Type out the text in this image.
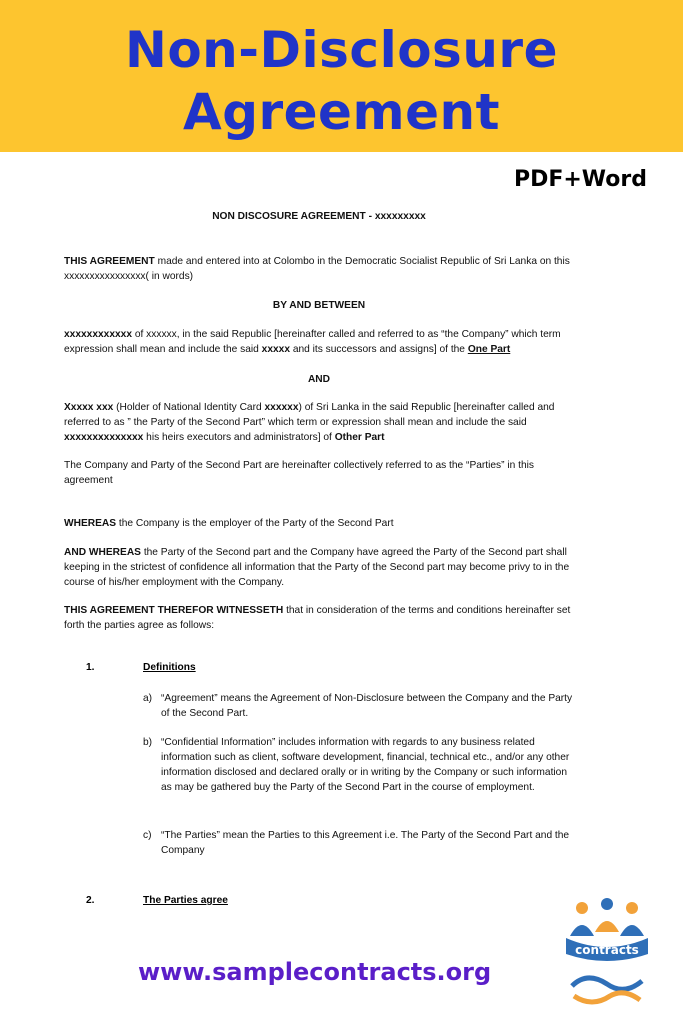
Non-Disclosure
Agreement
PDF+Word

NON DISCOSURE AGREEMENT - xxxxxxxxx

THIS AGREEMENT made and entered into at Colombo in the Democratic Socialist Republic of Sri Lanka on this xxxxxxxxxxxxxxxx( in words)

BY AND BETWEEN

xxxxxxxxxxxx of xxxxxx, in the said Republic [hereinafter called and referred to as “the Company” which term expression shall mean and include the said xxxxx and its successors and assigns] of the One Part

AND

Xxxxx xxx (Holder of National Identity Card xxxxxx) of Sri Lanka in the said Republic [hereinafter called and referred to as ” the Party of the Second Part” which term or expression shall mean and include the said xxxxxxxxxxxxxx his heirs executors and administrators] of Other Part

The Company and Party of the Second Part are hereinafter collectively referred to as the “Parties” in this agreement

WHEREAS the Company is the employer of the Party of the Second Part

AND WHEREAS the Party of the Second part and the Company have agreed the Party of the Second part shall keeping in the strictest of confidence all information that the Party of the Second part may become privy to in the course of his/her employment with the Company.

THIS AGREEMENT THEREFOR WITNESSETH that in consideration of the terms and conditions hereinafter set forth the parties agree as follows:

1.	Definitions
a) “Agreement” means the Agreement of Non-Disclosure between the Company and the Party of the Second Part.
b) “Confidential Information” includes information with regards to any business related information such as client, software development, financial, technical etc., and/or any other information disclosed and declared orally or in writing by the Company or such information as may be gathered buy the Party of the Second Part in the course of employment.
c) “The Parties” mean the Parties to this Agreement i.e. The Party of the Second Part and the Company
2.	The Parties agree
www.samplecontracts.org
contracts
